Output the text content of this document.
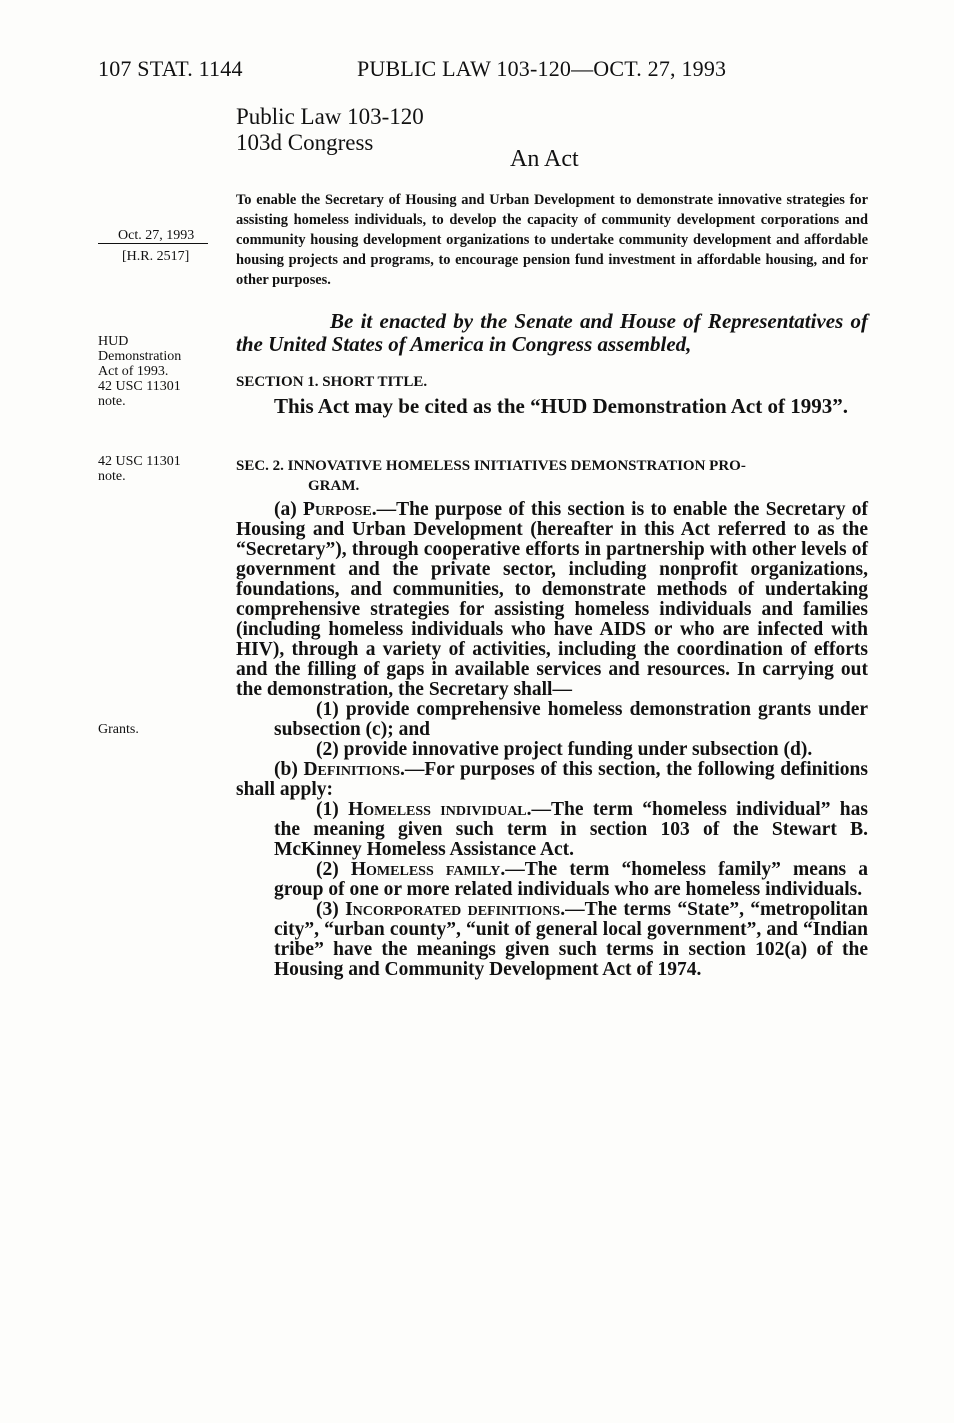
107 STAT. 1144	PUBLIC LAW 103-120—OCT. 27, 1993
Public Law 103-120
103d Congress
An Act
To enable the Secretary of Housing and Urban Development to demonstrate innovative strategies for assisting homeless individuals, to develop the capacity of community development corporations and community housing development organizations to undertake community development and affordable housing projects and programs, to encourage pension fund investment in affordable housing, and for other purposes.
Oct. 27, 1993
[H.R. 2517]
HUD
Demonstration
Act of 1993.
42 USC 11301
note.
42 USC 11301
note.
Grants.
Be it enacted by the Senate and House of Representatives of the United States of America in Congress assembled,
SECTION 1. SHORT TITLE.
This Act may be cited as the “HUD Demonstration Act of 1993”.
SEC. 2. INNOVATIVE HOMELESS INITIATIVES DEMONSTRATION PRO-
GRAM.

(a) Purpose.—The purpose of this section is to enable the Secretary of Housing and Urban Development (hereafter in this Act referred to as the “Secretary”), through cooperative efforts in partnership with other levels of government and the private sector, including nonprofit organizations, foundations, and communities, to demonstrate methods of undertaking comprehensive strategies for assisting homeless individuals and families (including homeless individuals who have AIDS or who are infected with HIV), through a variety of activities, including the coordination of efforts and the filling of gaps in available services and resources. In carrying out the demonstration, the Secretary shall—

(1) provide comprehensive homeless demonstration grants under subsection (c); and

(2) provide innovative project funding under subsection (d).

(b) Definitions.—For purposes of this section, the following definitions shall apply:

(1) Homeless individual.—The term “homeless individual” has the meaning given such term in section 103 of the Stewart B. McKinney Homeless Assistance Act.

(2) Homeless family.—The term “homeless family” means a group of one or more related individuals who are homeless individuals.

(3) Incorporated definitions.—The terms “State”, “metropolitan city”, “urban county”, “unit of general local government”, and “Indian tribe” have the meanings given such terms in section 102(a) of the Housing and Community Development Act of 1974.
